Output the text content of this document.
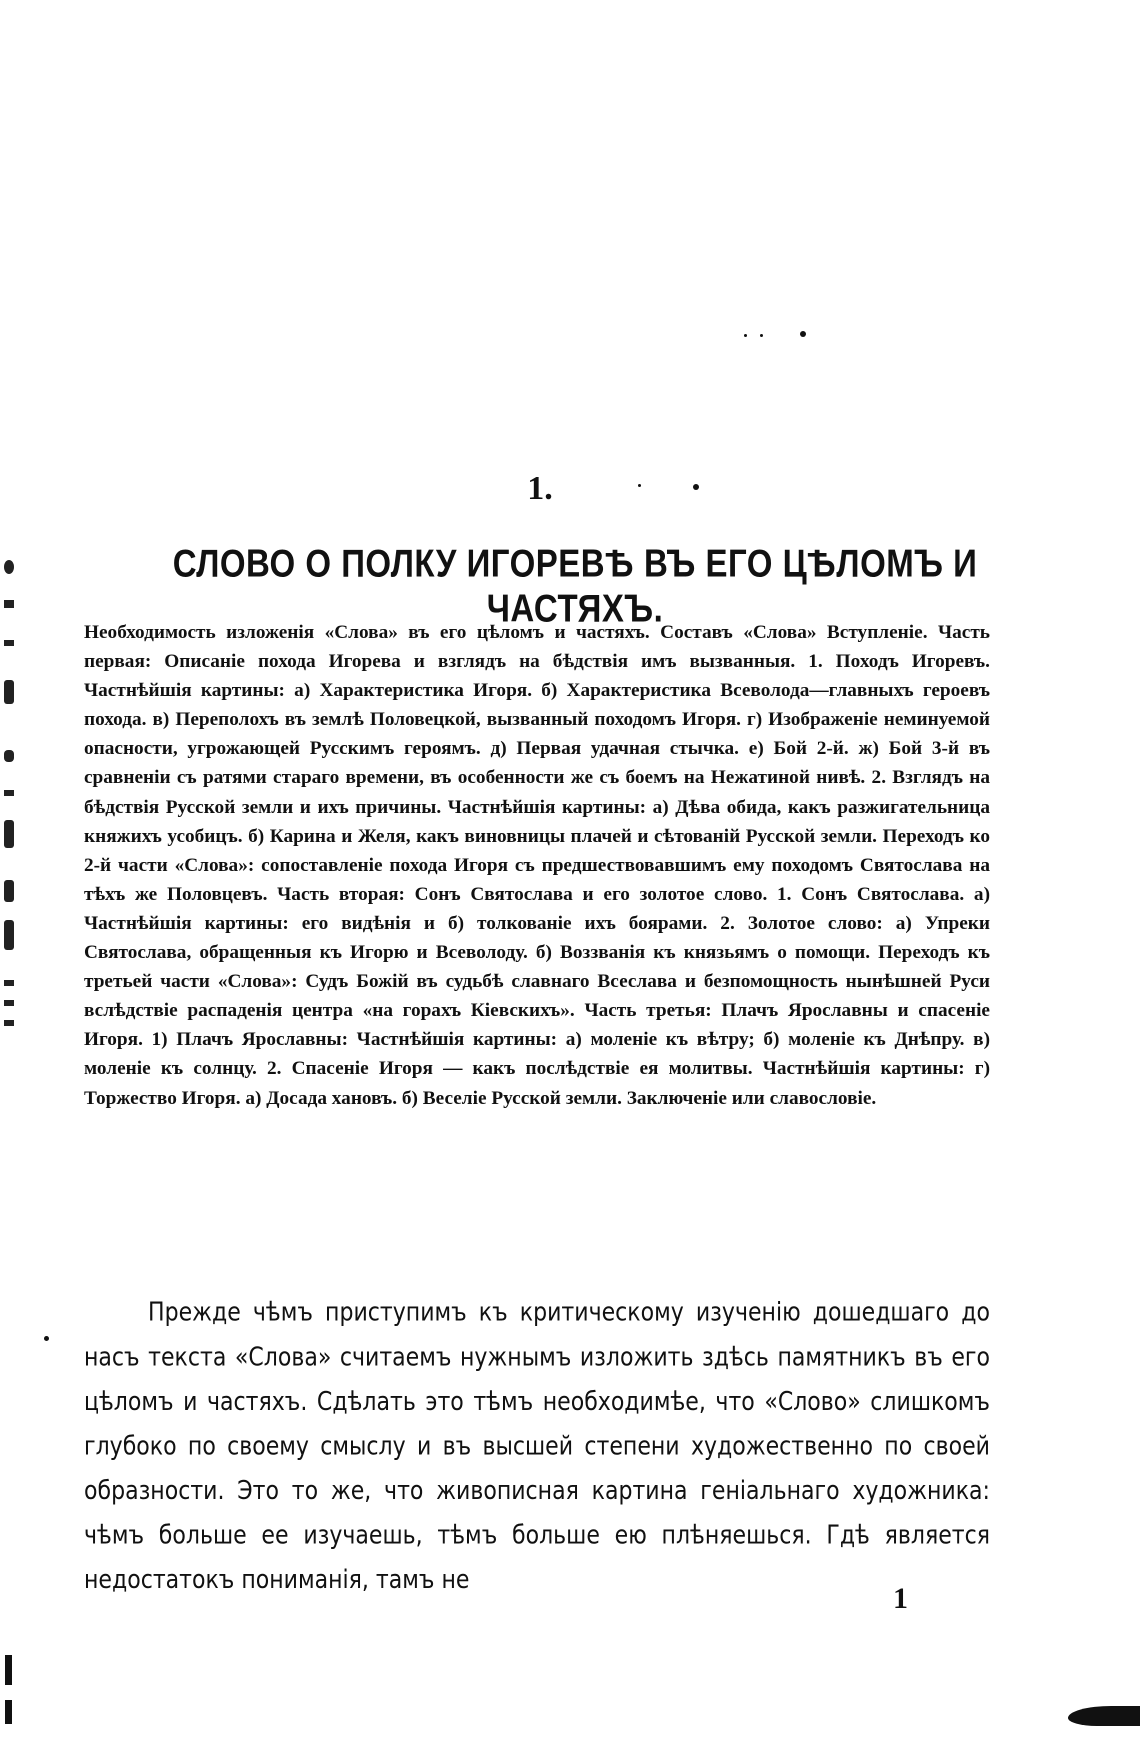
1.
СЛОВО О ПОЛКУ ИГОРЕВѢ ВЪ ЕГО ЦѢЛОМЪ И ЧАСТЯХЪ.
Необходимость изложенія «Слова» въ его цѣломъ и частяхъ. Составъ «Слова» Вступленіе. Часть первая: Описаніе похода Игорева и взглядъ на бѣдствія имъ вызванныя. 1. Походъ Игоревъ. Частнѣйшія картины: а) Характеристика Игоря. б) Характеристика Всеволода—главныхъ героевъ похода. в) Переполохъ въ землѣ Половецкой, вызванный походомъ Игоря. г) Изображеніе неминуемой опасности, угрожающей Русскимъ героямъ. д) Первая удачная стычка. е) Бой 2-й. ж) Бой 3-й въ сравненіи съ ратями стараго времени, въ особенности же съ боемъ на Нежатиной нивѣ. 2. Взглядъ на бѣдствія Русской земли и ихъ причины. Частнѣйшія картины: а) Дѣва обида, какъ разжигательница княжихъ усобицъ. б) Карина и Желя, какъ виновницы плачей и сѣтованій Русской земли. Переходъ ко 2-й части «Слова»: сопоставленіе похода Игоря съ предшествовавшимъ ему походомъ Святослава на тѣхъ же Половцевъ. Часть вторая: Сонъ Святослава и его золотое слово. 1. Сонъ Святослава. а) Частнѣйшія картины: его видѣнія и б) толкованіе ихъ боярами. 2. Золотое слово: а) Упреки Святослава, обращенныя къ Игорю и Всеволоду. б) Воззванія къ князьямъ о помощи. Переходъ къ третьей части «Слова»: Судъ Божій въ судьбѣ славнаго Всеслава и безпомощность нынѣшней Руси вслѣдствіе распаденія центра «на горахъ Кіевскихъ». Часть третья: Плачъ Ярославны и спасеніе Игоря. 1) Плачъ Ярославны: Частнѣйшія картины: а) моленіе къ вѣтру; б) моленіе къ Днѣпру. в) моленіе къ солнцу. 2. Спасеніе Игоря — какъ послѣдствіе ея молитвы. Частнѣйшія картины: г) Торжество Игоря. а) Досада хановъ. б) Веселіе Русской земли. Заключеніе или славословіе.
Прежде чѣмъ приступимъ къ критическому изученію дошедшаго до насъ текста «Слова» считаемъ нужнымъ изложить здѣсь памятникъ въ его цѣломъ и частяхъ. Сдѣлать это тѣмъ необходимѣе, что «Слово» слишкомъ глубоко по своему смыслу и въ высшей степени художественно по своей образности. Это то же, что живописная картина геніальнаго художника: чѣмъ больше ее изучаешь, тѣмъ больше ею плѣняешься. Гдѣ является недостатокъ пониманія, тамъ не
1
